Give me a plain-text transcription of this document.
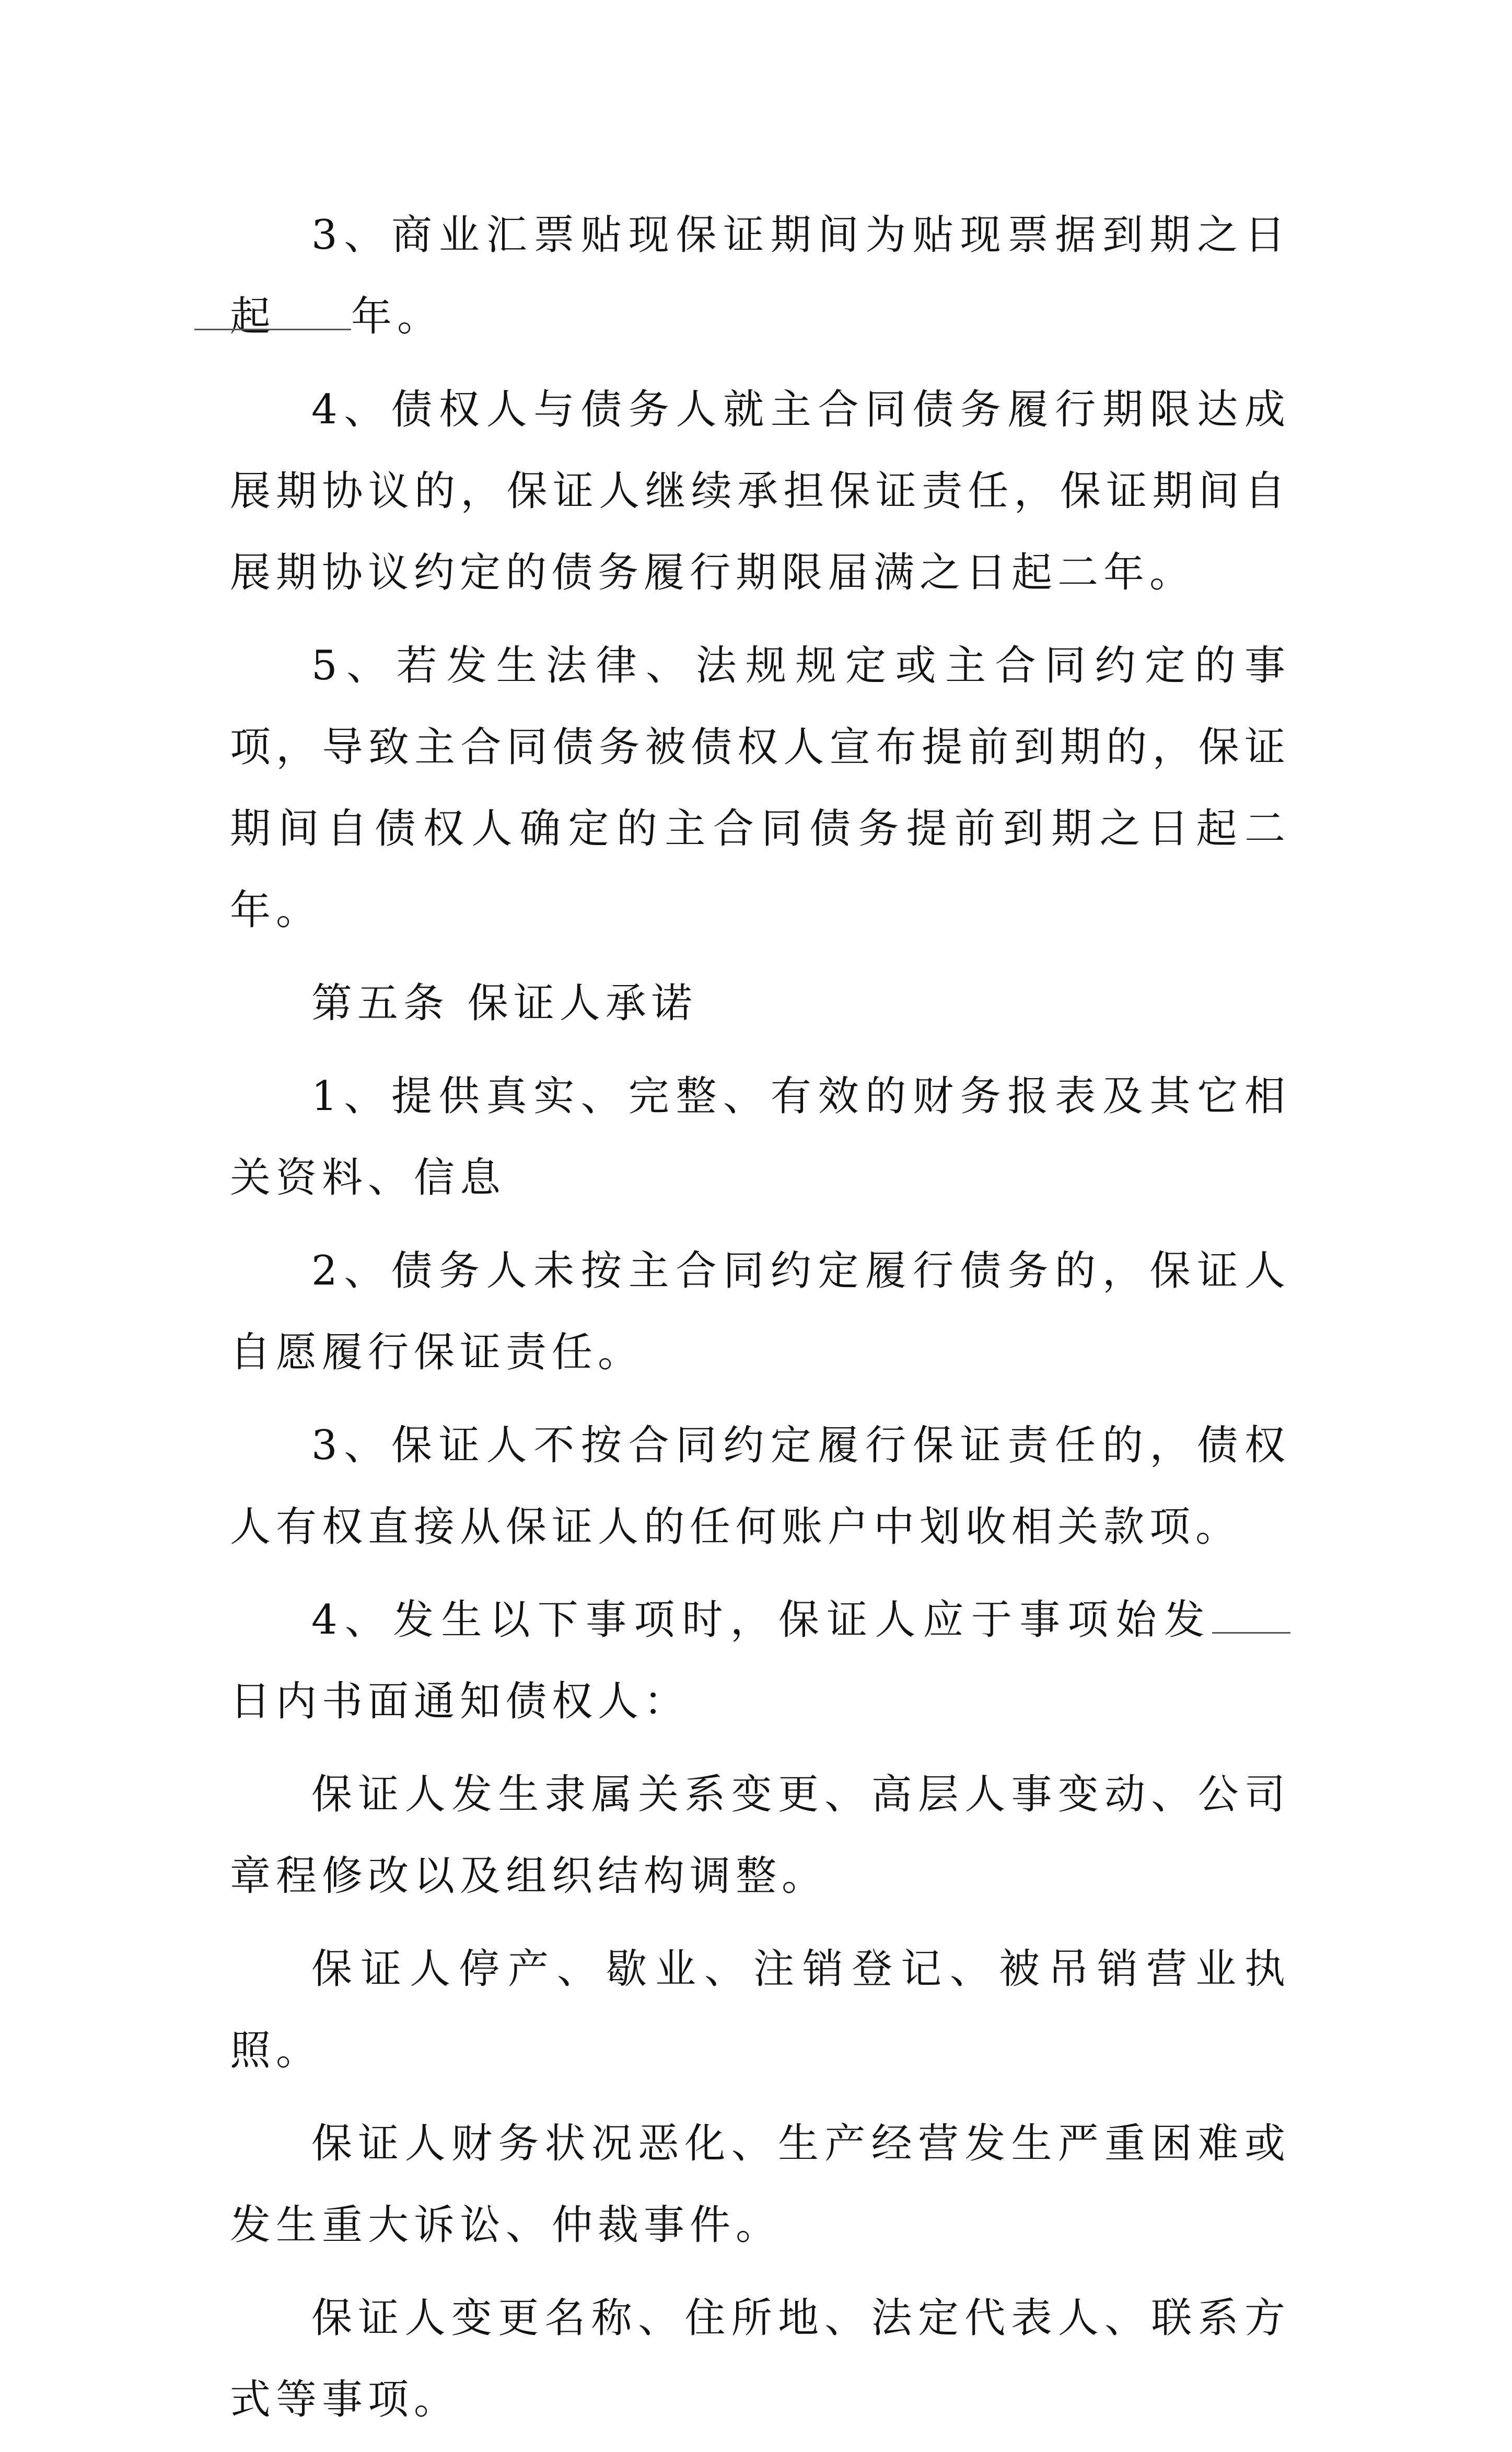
3、商业汇票贴现保证期间为贴现票据到期之日起 年。

4、债权人与债务人就主合同债务履行期限达成展期协议的，保证人继续承担保证责任，保证期间自展期协议约定的债务履行期限届满之日起二年。

5、若发生法律、法规规定或主合同约定的事项，导致主合同债务被债权人宣布提前到期的，保证期间自债权人确定的主合同债务提前到期之日起二年。

第五条 保证人承诺

1、提供真实、完整、有效的财务报表及其它相关资料、信息

2、债务人未按主合同约定履行债务的，保证人自愿履行保证责任。

3、保证人不按合同约定履行保证责任的，债权人有权直接从保证人的任何账户中划收相关款项。

4、发生以下事项时，保证人应于事项始发日内书面通知债权人：

保证人发生隶属关系变更、高层人事变动、公司章程修改以及组织结构调整。

保证人停产、歇业、注销登记、被吊销营业执照。

保证人财务状况恶化、生产经营发生严重困难或发生重大诉讼、仲裁事件。

保证人变更名称、住所地、法定代表人、联系方式等事项。
